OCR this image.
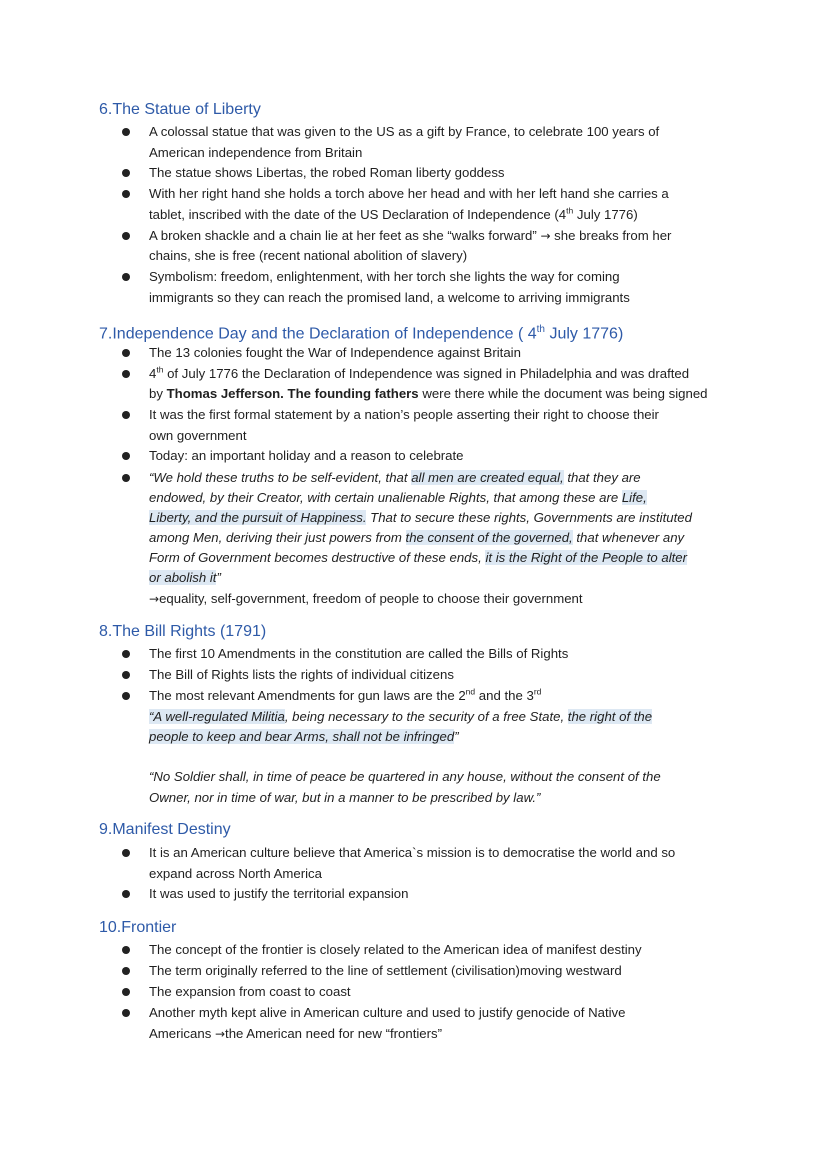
6.The Statue of Liberty
A colossal statue that was given to the US as a gift by France, to celebrate 100 years of
American independence from Britain
The statue shows Libertas, the robed Roman liberty goddess
With her right hand she holds a torch above her head and with her left hand she carries a
tablet, inscribed with the date of the US Declaration of Independence (4th July 1776)
A broken shackle and a chain lie at her feet as she “walks forward” → she breaks from her
chains, she is free (recent national abolition of slavery)
Symbolism: freedom, enlightenment, with her torch she lights the way for coming
immigrants so they can reach the promised land, a welcome to arriving immigrants
7.Independence Day and the Declaration of Independence ( 4th July 1776)
The 13 colonies fought the War of Independence against Britain
4th of July 1776 the Declaration of Independence was signed in Philadelphia and was drafted
by Thomas Jefferson. The founding fathers were there while the document was being signed
It was the first formal statement by a nation’s people asserting their right to choose their
own government
Today: an important holiday and a reason to celebrate
“We hold these truths to be self-evident, that all men are created equal, that they are
endowed, by their Creator, with certain unalienable Rights, that among these are Life,
Liberty, and the pursuit of Happiness. That to secure these rights, Governments are instituted
among Men, deriving their just powers from the consent of the governed, that whenever any
Form of Government becomes destructive of these ends, it is the Right of the People to alter
or abolish it”
→equality, self-government, freedom of people to choose their government
8.The Bill Rights (1791)
The first 10 Amendments in the constitution are called the Bills of Rights
The Bill of Rights lists the rights of individual citizens
The most relevant Amendments for gun laws are the 2nd and the 3rd
“A well-regulated Militia, being necessary to the security of a free State, the right of the
people to keep and bear Arms, shall not be infringed”
“No Soldier shall, in time of peace be quartered in any house, without the consent of the
Owner, nor in time of war, but in a manner to be prescribed by law.”
9.Manifest Destiny
It is an American culture believe that America`s mission is to democratise the world and so
expand across North America
It was used to justify the territorial expansion
10.Frontier
The concept of the frontier is closely related to the American idea of manifest destiny
The term originally referred to the line of settlement (civilisation)moving westward
The expansion from coast to coast
Another myth kept alive in American culture and used to justify genocide of Native
Americans →the American need for new “frontiers”
